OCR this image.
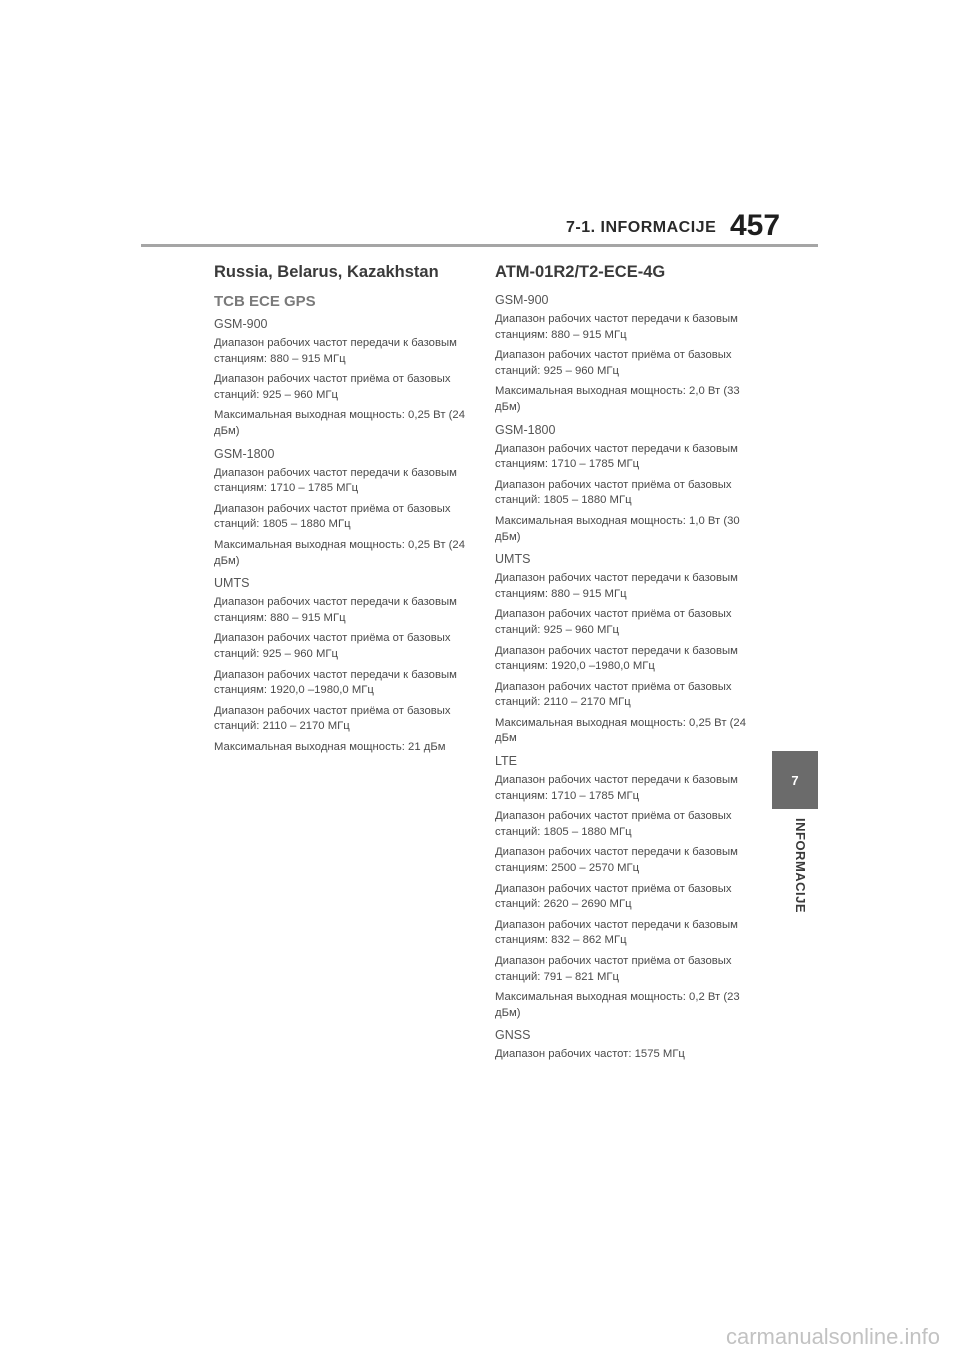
7-1. INFORMACIJE 457
Russia, Belarus, Kazakhstan
TCB ECE GPS
GSM-900

Диапазон рабочих частот передачи к базовым станциям: 880 – 915 МГц

Диапазон рабочих частот приёма от базовых станций: 925 – 960 МГц

Максимальная выходная мощность: 0,25 Вт (24 дБм)

GSM-1800

Диапазон рабочих частот передачи к базовым станциям: 1710 – 1785 МГц

Диапазон рабочих частот приёма от базовых станций: 1805 – 1880 МГц

Максимальная выходная мощность: 0,25 Вт (24 дБм)

UMTS

Диапазон рабочих частот передачи к базовым станциям: 880 – 915 МГц

Диапазон рабочих частот приёма от базовых станций: 925 – 960 МГц

Диапазон рабочих частот передачи к базовым станциям: 1920,0 –1980,0 МГц

Диапазон рабочих частот приёма от базовых станций: 2110 – 2170 МГц

Максимальная выходная мощность: 21 дБм

ATM-01R2/T2-ECE-4G
GSM-900

Диапазон рабочих частот передачи к базовым станциям: 880 – 915 МГц

Диапазон рабочих частот приёма от базовых станций: 925 – 960 МГц

Максимальная выходная мощность: 2,0 Вт (33 дБм)

GSM-1800

Диапазон рабочих частот передачи к базовым станциям: 1710 – 1785 МГц

Диапазон рабочих частот приёма от базовых станций: 1805 – 1880 МГц

Максимальная выходная мощность: 1,0 Вт (30 дБм)

UMTS

Диапазон рабочих частот передачи к базовым станциям: 880 – 915 МГц

Диапазон рабочих частот приёма от базовых станций: 925 – 960 МГц

Диапазон рабочих частот передачи к базовым станциям: 1920,0 –1980,0 МГц

Диапазон рабочих частот приёма от базовых станций: 2110 – 2170 МГц

Максимальная выходная мощность: 0,25 Вт (24 дБм

LTE

Диапазон рабочих частот передачи к базовым станциям: 1710 – 1785 МГц

Диапазон рабочих частот приёма от базовых станций: 1805 – 1880 МГц

Диапазон рабочих частот передачи к базовым станциям: 2500 – 2570 МГц

Диапазон рабочих частот приёма от базовых станций: 2620 – 2690 МГц

Диапазон рабочих частот передачи к базовым станциям: 832 – 862 МГц

Диапазон рабочих частот приёма от базовых станций: 791 – 821 МГц

Максимальная выходная мощность: 0,2 Вт (23 дБм)

GNSS

Диапазон рабочих частот: 1575 МГц

7
INFORMACIJE
carmanualsonline.info
